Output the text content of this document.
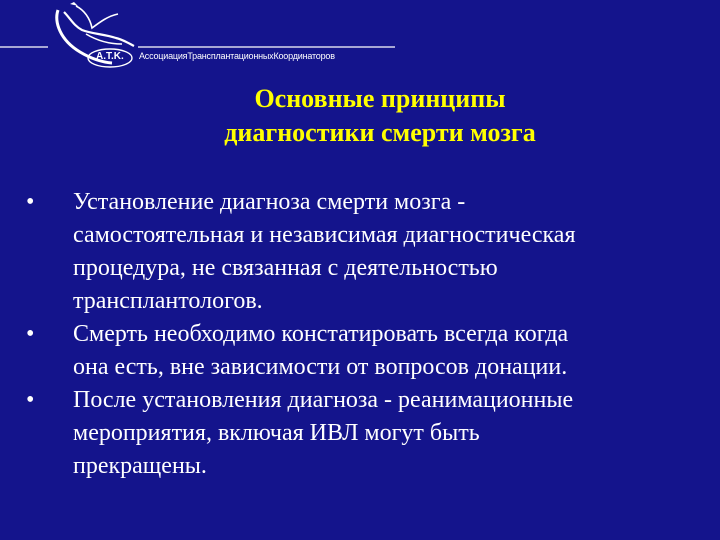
A.T.K. АссоциацияТрансплантационныхКоординаторов
Основные принципы
диагностики смерти мозга
• Установление диагноза смерти мозга -
самостоятельная и независимая диагностическая
процедура, не связанная с деятельностью
трансплантологов.
• Смерть необходимо констатировать всегда когда
она есть, вне зависимости от вопросов донации.
• После установления диагноза - реанимационные
мероприятия, включая ИВЛ могут быть
прекращены.
